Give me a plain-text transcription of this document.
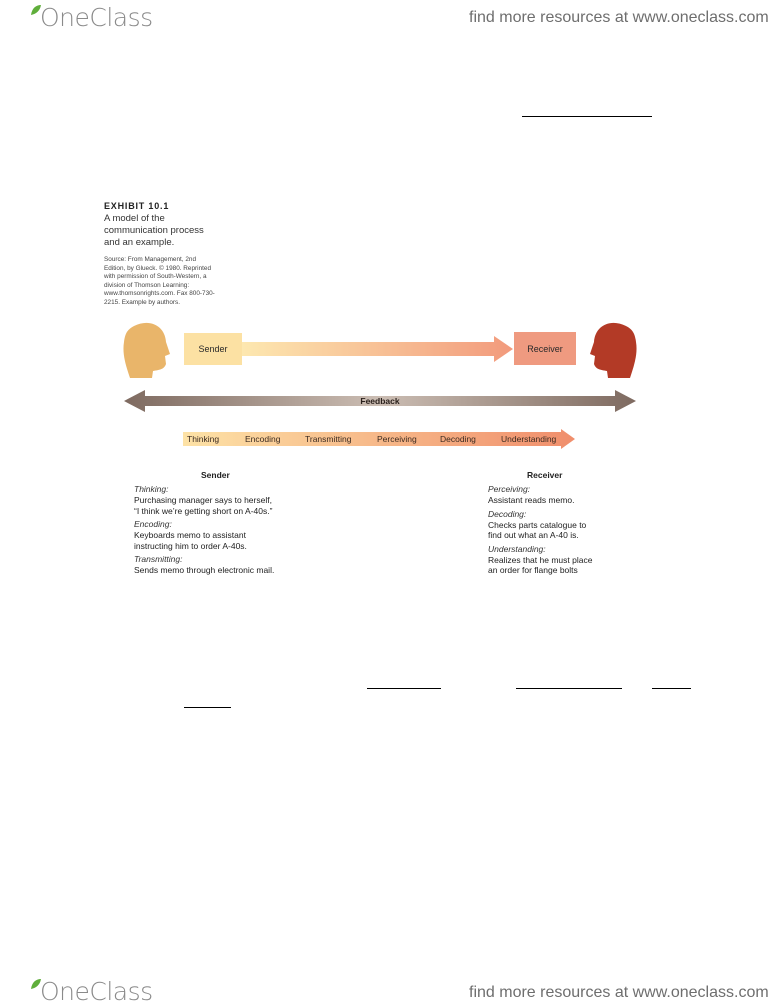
OneClass	find more resources at www.oneclass.com
EXHIBIT 10.1
A model of the
communication process
and an example.
Source: From Management, 2nd
Edition, by Glueck. © 1980. Reprinted
with permission of South-Western, a
division of Thomson Learning:
www.thomsonrights.com. Fax 800-730-
2215. Example by authors.
Sender	Receiver
Feedback
Thinking	Encoding	Transmitting	Perceiving	Decoding	Understanding
Sender
Thinking:
Purchasing manager says to herself,
“I think we’re getting short on A-40s.”
Encoding:
Keyboards memo to assistant
instructing him to order A-40s.
Transmitting:
Sends memo through electronic mail.
Receiver
Perceiving:
Assistant reads memo.
Decoding:
Checks parts catalogue to
find out what an A-40 is.
Understanding:
Realizes that he must place
an order for flange bolts
OneClass	find more resources at www.oneclass.com
